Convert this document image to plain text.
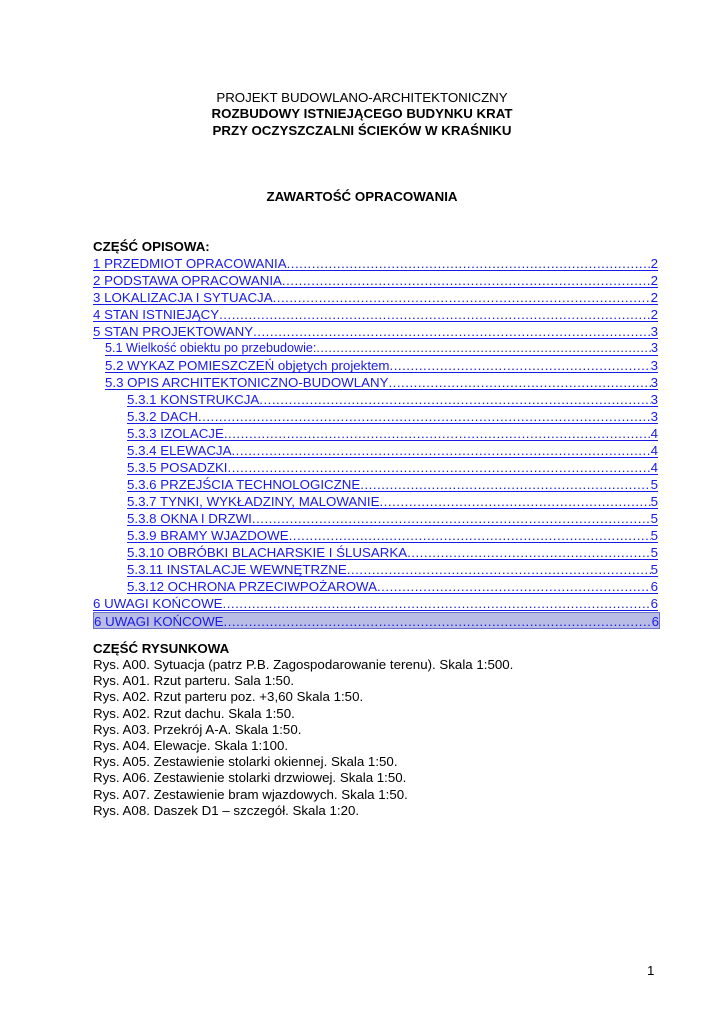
PROJEKT BUDOWLANO-ARCHITEKTONICZNY
ROZBUDOWY ISTNIEJĄCEGO BUDYNKU KRAT
PRZY OCZYSZCZALNI ŚCIEKÓW W KRAŚNIKU
ZAWARTOŚĆ OPRACOWANIA
CZĘŚĆ OPISOWA:
1 PRZEDMIOT OPRACOWANIA .....	2
2 PODSTAWA OPRACOWANIA .....	2
3 LOKALIZACJA I SYTUACJA .....	2
4 STAN ISTNIEJĄCY .....	2
5 STAN PROJEKTOWANY .....	3
5.1 Wielkość obiektu po przebudowie: .....	3
5.2 WYKAZ POMIESZCZEŃ objętych projektem .....	3
5.3 OPIS ARCHITEKTONICZNO-BUDOWLANY .....	3
5.3.1 KONSTRUKCJA .....	3
5.3.2 DACH .....	3
5.3.3 IZOLACJE .....	4
5.3.4 ELEWACJA .....	4
5.3.5 POSADZKI .....	4
5.3.6 PRZEJŚCIA TECHNOLOGICZNE .....	5
5.3.7 TYNKI, WYKŁADZINY, MALOWANIE .....	5
5.3.8 OKNA I DRZWI .....	5
5.3.9 BRAMY WJAZDOWE .....	5
5.3.10 OBRÓBKI BLACHARSKIE I ŚLUSARKA .....	5
5.3.11 INSTALACJE WEWNĘTRZNE .....	5
5.3.12 OCHRONA PRZECIWPOŻAROWA .....	6
6 UWAGI KOŃCOWE .....	6
6 UWAGI KOŃCOWE .....	6
CZĘŚĆ RYSUNKOWA
Rys. A00. Sytuacja (patrz P.B. Zagospodarowanie terenu). Skala 1:500.
Rys. A01. Rzut parteru. Sala 1:50.
Rys. A02. Rzut parteru poz. +3,60 Skala 1:50.
Rys. A02. Rzut dachu. Skala 1:50.
Rys. A03. Przekrój A-A. Skala 1:50.
Rys. A04. Elewacje. Skala 1:100.
Rys. A05. Zestawienie stolarki okiennej. Skala 1:50.
Rys. A06. Zestawienie stolarki drzwiowej. Skala 1:50.
Rys. A07. Zestawienie bram wjazdowych. Skala 1:50.
Rys. A08. Daszek D1 – szczegół. Skala 1:20.
1
